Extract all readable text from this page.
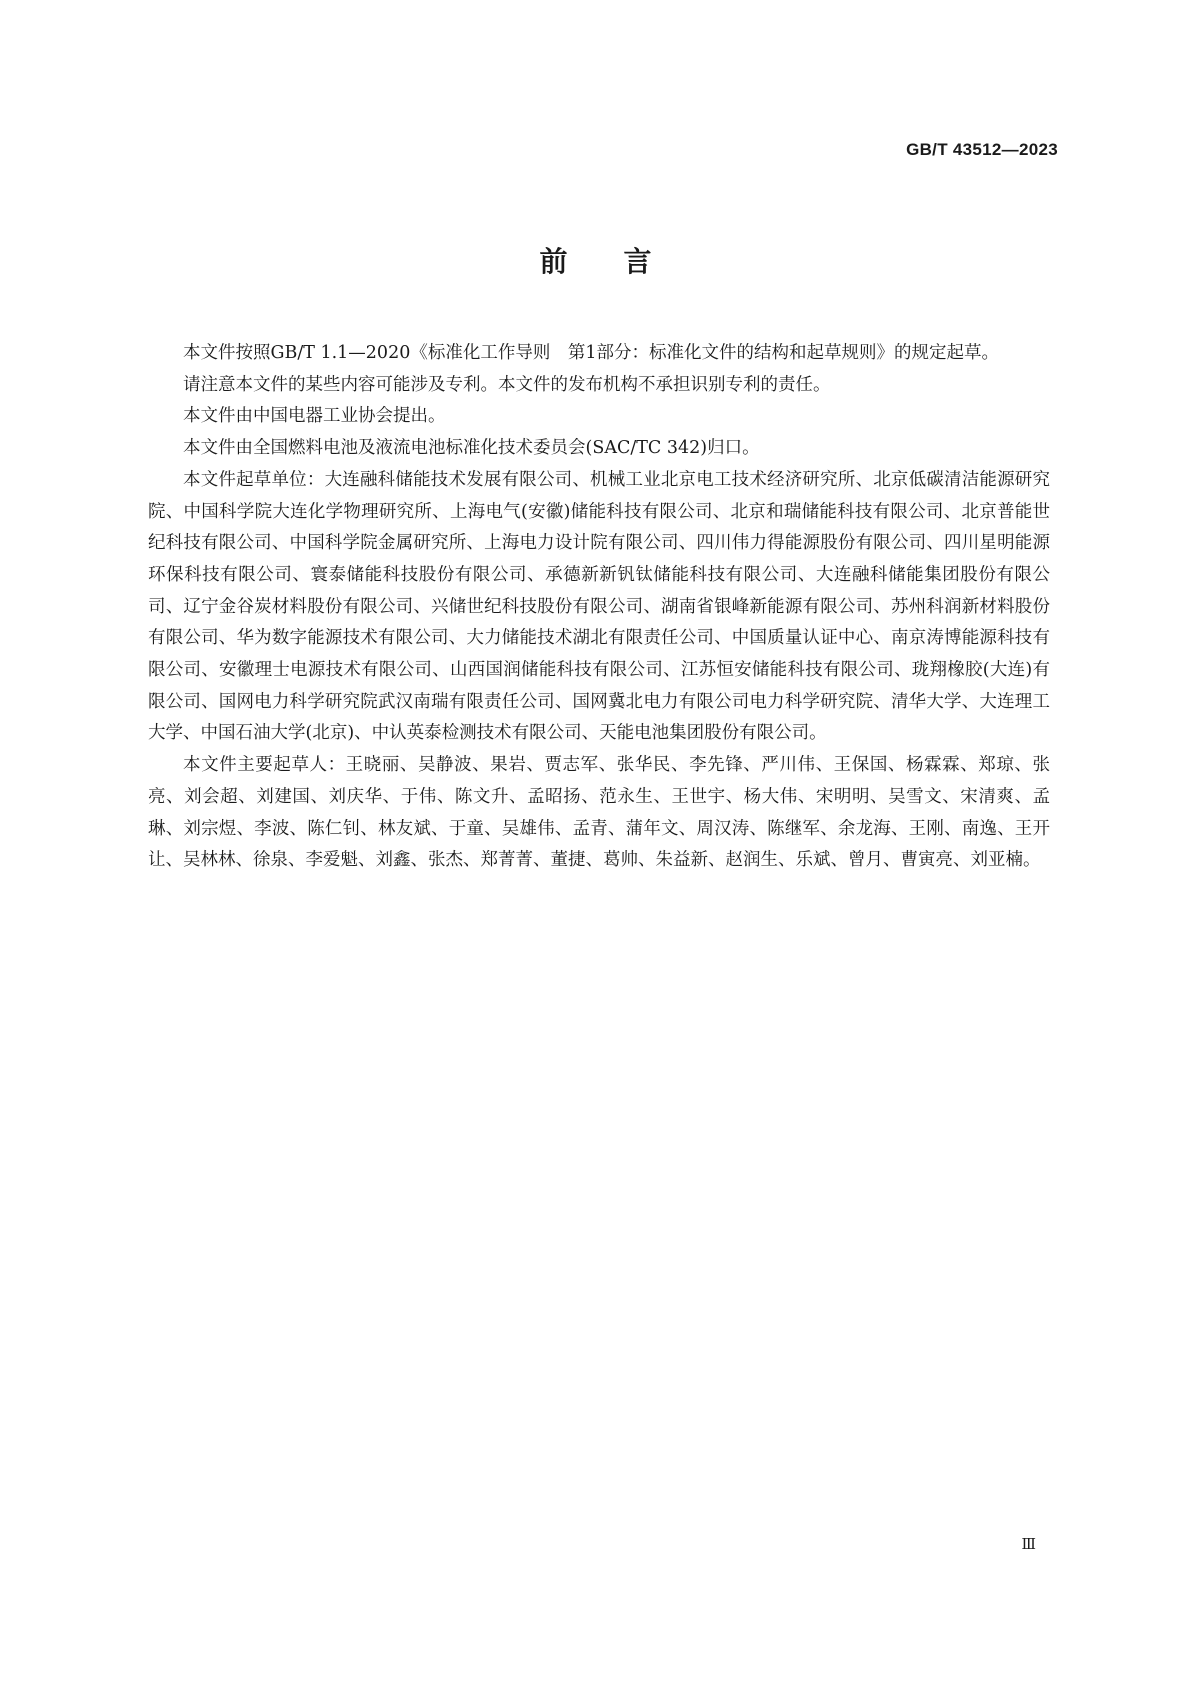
GB/T 43512—2023
前言

本文件按照GB/T 1.1—2020《标准化工作导则　第1部分：标准化文件的结构和起草规则》的规定起草。

请注意本文件的某些内容可能涉及专利。本文件的发布机构不承担识别专利的责任。

本文件由中国电器工业协会提出。

本文件由全国燃料电池及液流电池标准化技术委员会(SAC/TC 342)归口。

本文件起草单位：大连融科储能技术发展有限公司、机械工业北京电工技术经济研究所、北京低碳清洁能源研究院、中国科学院大连化学物理研究所、上海电气(安徽)储能科技有限公司、北京和瑞储能科技有限公司、北京普能世纪科技有限公司、中国科学院金属研究所、上海电力设计院有限公司、四川伟力得能源股份有限公司、四川星明能源环保科技有限公司、寰泰储能科技股份有限公司、承德新新钒钛储能科技有限公司、大连融科储能集团股份有限公司、辽宁金谷炭材料股份有限公司、兴储世纪科技股份有限公司、湖南省银峰新能源有限公司、苏州科润新材料股份有限公司、华为数字能源技术有限公司、大力储能技术湖北有限责任公司、中国质量认证中心、南京涛博能源科技有限公司、安徽理士电源技术有限公司、山西国润储能科技有限公司、江苏恒安储能科技有限公司、珑翔橡胶(大连)有限公司、国网电力科学研究院武汉南瑞有限责任公司、国网冀北电力有限公司电力科学研究院、清华大学、大连理工大学、中国石油大学(北京)、中认英泰检测技术有限公司、天能电池集团股份有限公司。

本文件主要起草人：王晓丽、吴静波、果岩、贾志军、张华民、李先锋、严川伟、王保国、杨霖霖、郑琼、张亮、刘会超、刘建国、刘庆华、于伟、陈文升、孟昭扬、范永生、王世宇、杨大伟、宋明明、吴雪文、宋清爽、孟琳、刘宗煜、李波、陈仁钊、林友斌、于童、吴雄伟、孟青、蒲年文、周汉涛、陈继军、余龙海、王刚、南逸、王开让、吴林林、徐泉、李爱魁、刘鑫、张杰、郑菁菁、董捷、葛帅、朱益新、赵润生、乐斌、曾月、曹寅亮、刘亚楠。

Ⅲ
